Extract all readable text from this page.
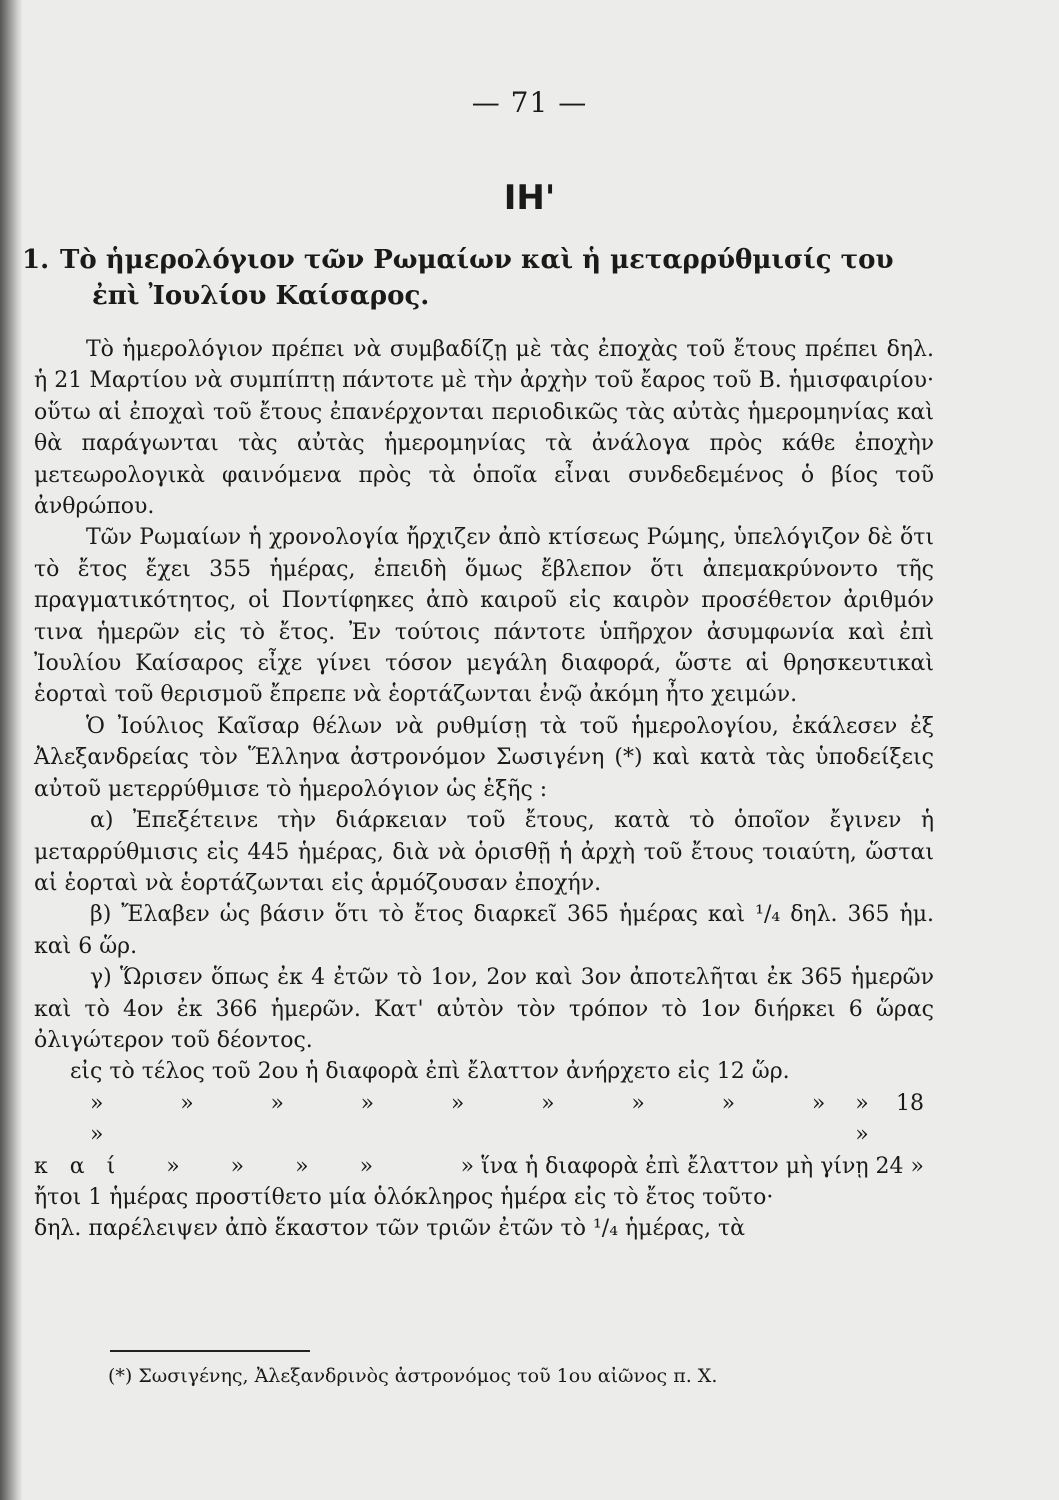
— 71 —
ΙΗ'
1. Τὸ ἡμερολόγιον τῶν Ρωμαίων καὶ ἡ μεταρρύθμισίς του
ἐπὶ Ἰουλίου Καίσαρος.

Τὸ ἡμερολόγιον πρέπει νὰ συμβαδίζῃ μὲ τὰς ἐποχὰς τοῦ ἔτους πρέπει δηλ. ἡ 21 Μαρτίου νὰ συμπίπτῃ πάντοτε μὲ τὴν ἀρχὴν τοῦ ἔαρος τοῦ Β. ἡμισφαιρίου· οὕτω αἱ ἐποχαὶ τοῦ ἔτους ἐπανέρχονται περιοδικῶς τὰς αὐτὰς ἡμερομηνίας καὶ θὰ παράγωνται τὰς αὐτὰς ἡμερομηνίας τὰ ἀνάλογα πρὸς κάθε ἐποχὴν μετεωρολογικὰ φαινόμενα πρὸς τὰ ὁποῖα εἶναι συνδεδεμένος ὁ βίος τοῦ ἀνθρώπου.

Τῶν Ρωμαίων ἡ χρονολογία ἤρχιζεν ἀπὸ κτίσεως Ρώμης, ὑπελόγιζον δὲ ὅτι τὸ ἔτος ἔχει 355 ἡμέρας, ἐπειδὴ ὅμως ἔβλεπον ὅτι ἀπεμακρύνοντο τῆς πραγματικότητος, οἱ Ποντίφηκες ἀπὸ καιροῦ εἰς καιρὸν προσέθετον ἀριθμόν τινα ἡμερῶν εἰς τὸ ἔτος. Ἐν τούτοις πάντοτε ὑπῆρχον ἀσυμφωνία καὶ ἐπὶ Ἰουλίου Καίσαρος εἶχε γίνει τόσον μεγάλη διαφορά, ὥστε αἱ θρησκευτικαὶ ἑορταὶ τοῦ θερισμοῦ ἔπρεπε νὰ ἑορτάζωνται ἐνῷ ἀκόμη ἦτο χειμών.

Ὁ Ἰούλιος Καῖσαρ θέλων νὰ ρυθμίσῃ τὰ τοῦ ἡμερολογίου, ἐκάλεσεν ἐξ Ἀλεξανδρείας τὸν Ἕλληνα ἀστρονόμον Σωσιγένη (*) καὶ κατὰ τὰς ὑποδείξεις αὐτοῦ μετερρύθμισε τὸ ἡμερολόγιον ὡς ἑξῆς :

α) Ἐπεξέτεινε τὴν διάρκειαν τοῦ ἔτους, κατὰ τὸ ὁποῖον ἔγινεν ἡ μεταρρύθμισις εἰς 445 ἡμέρας, διὰ νὰ ὁρισθῇ ἡ ἀρχὴ τοῦ ἔτους τοιαύτη, ὥσται αἱ ἑορταὶ νὰ ἑορτάζωνται εἰς ἁρμόζουσαν ἐποχήν.

β) Ἔλαβεν ὡς βάσιν ὅτι τὸ ἔτος διαρκεῖ 365 ἡμέρας καὶ ¹/₄ δηλ. 365 ἡμ. καὶ 6 ὥρ.

γ) Ὥρισεν ὅπως ἐκ 4 ἐτῶν τὸ 1ον, 2ον καὶ 3ον ἀποτελῆται ἐκ 365 ἡμερῶν καὶ τὸ 4ον ἐκ 366 ἡμερῶν. Κατ' αὐτὸν τὸν τρόπον τὸ 1ον διήρκει 6 ὥρας ὀλιγώτερον τοῦ δέοντος.

εἰς τὸ τέλος τοῦ 2ου ἡ διαφορὰ ἐπὶ ἔλαττον ἀνήρχετο εἰς 12 ὥρ.
» » » » » » » » » »
» 18 »
καί » » » »	» ἵνα ἡ διαφορὰ ἐπὶ ἔλαττον μὴ γίνῃ 24 »
ἤτοι 1 ἡμέρας προστίθετο μία ὁλόκληρος ἡμέρα εἰς τὸ ἔτος τοῦτο·
δηλ. παρέλειψεν ἀπὸ ἕκαστον τῶν τριῶν ἐτῶν τὸ ¹/₄ ἡμέρας, τὰ
(*) Σωσιγένης, Ἀλεξανδρινὸς ἀστρονόμος τοῦ 1ου αἰῶνος π. Χ.
